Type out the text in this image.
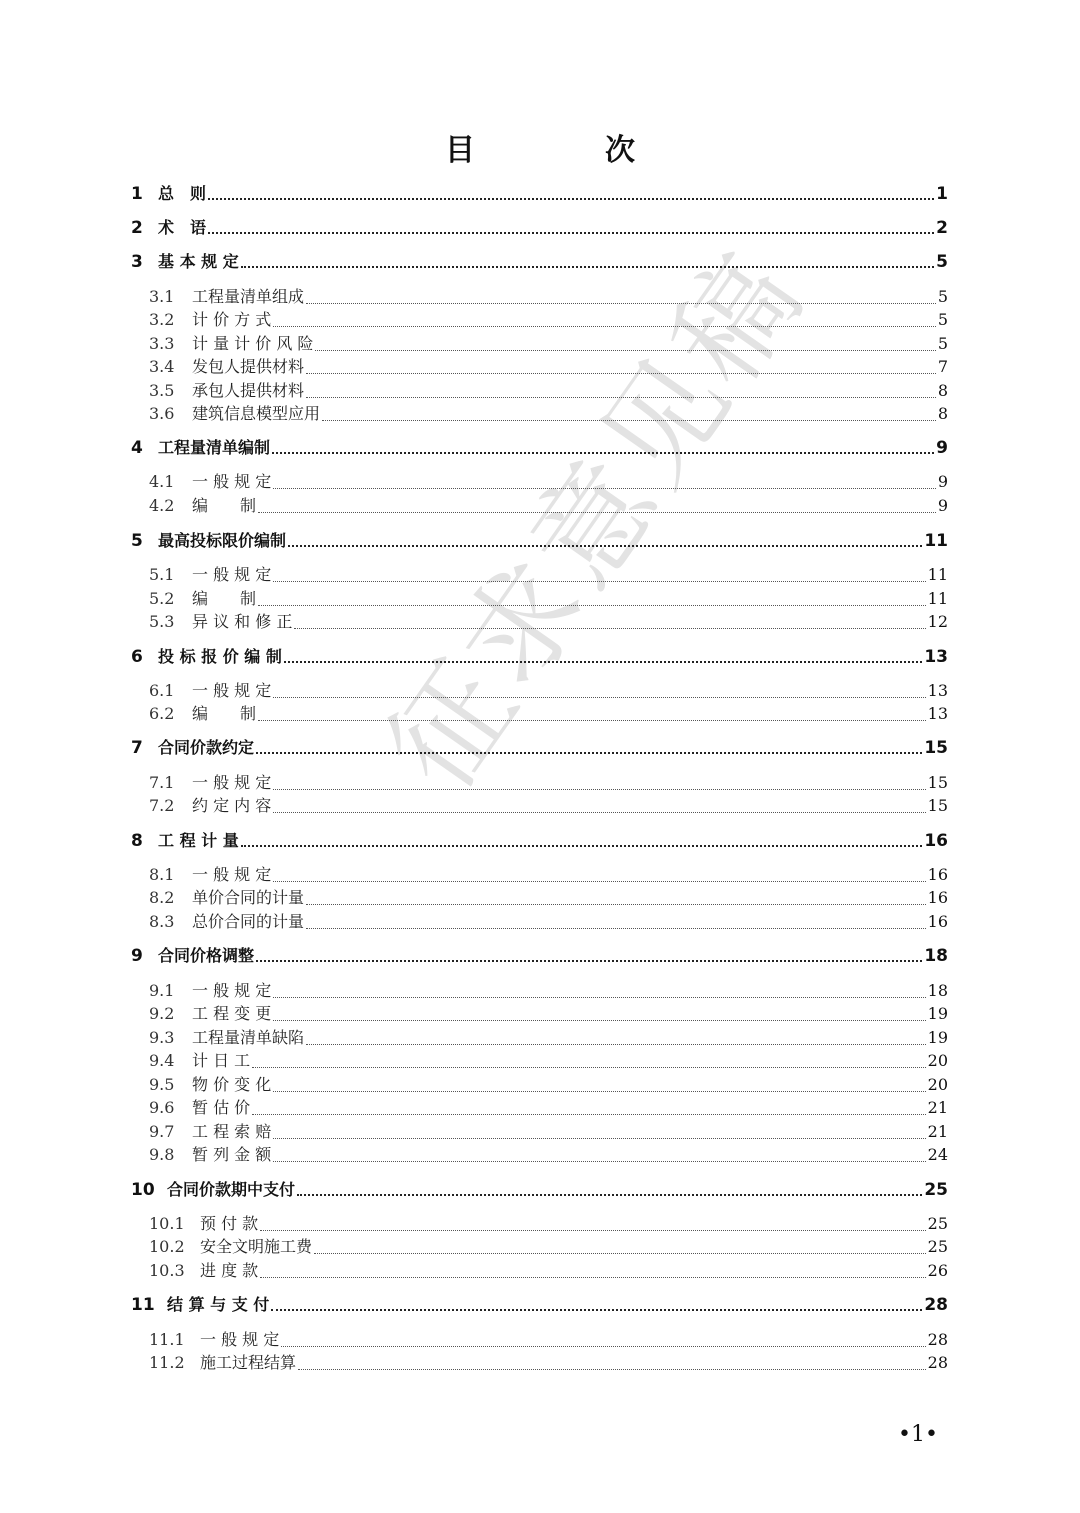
征求意见稿
目　次
1 总　则	1
2 术　语	2
3 基 本 规 定	5
3.1 工程量清单组成	5
3.2 计 价 方 式	5
3.3 计 量 计 价 风 险	5
3.4 发包人提供材料	7
3.5 承包人提供材料	8
3.6 建筑信息模型应用	8
4 工程量清单编制	9
4.1 一 般 规 定	9
4.2 编　　制	9
5 最高投标限价编制	11
5.1 一 般 规 定	11
5.2 编　　制	11
5.3 异 议 和 修 正	12
6 投 标 报 价 编 制	13
6.1 一 般 规 定	13
6.2 编　　制	13
7 合同价款约定	15
7.1 一 般 规 定	15
7.2 约 定 内 容	15
8 工 程 计 量	16
8.1 一 般 规 定	16
8.2 单价合同的计量	16
8.3 总价合同的计量	16
9 合同价格调整	18
9.1 一 般 规 定	18
9.2 工 程 变 更	19
9.3 工程量清单缺陷	19
9.4 计 日 工	20
9.5 物 价 变 化	20
9.6 暂 估 价	21
9.7 工 程 索 赔	21
9.8 暂 列 金 额	24
10 合同价款期中支付	25
10.1 预 付 款	25
10.2 安全文明施工费	25
10.3 进 度 款	26
11 结 算 与 支 付	28
11.1 一 般 规 定	28
11.2 施工过程结算	28
•1•
